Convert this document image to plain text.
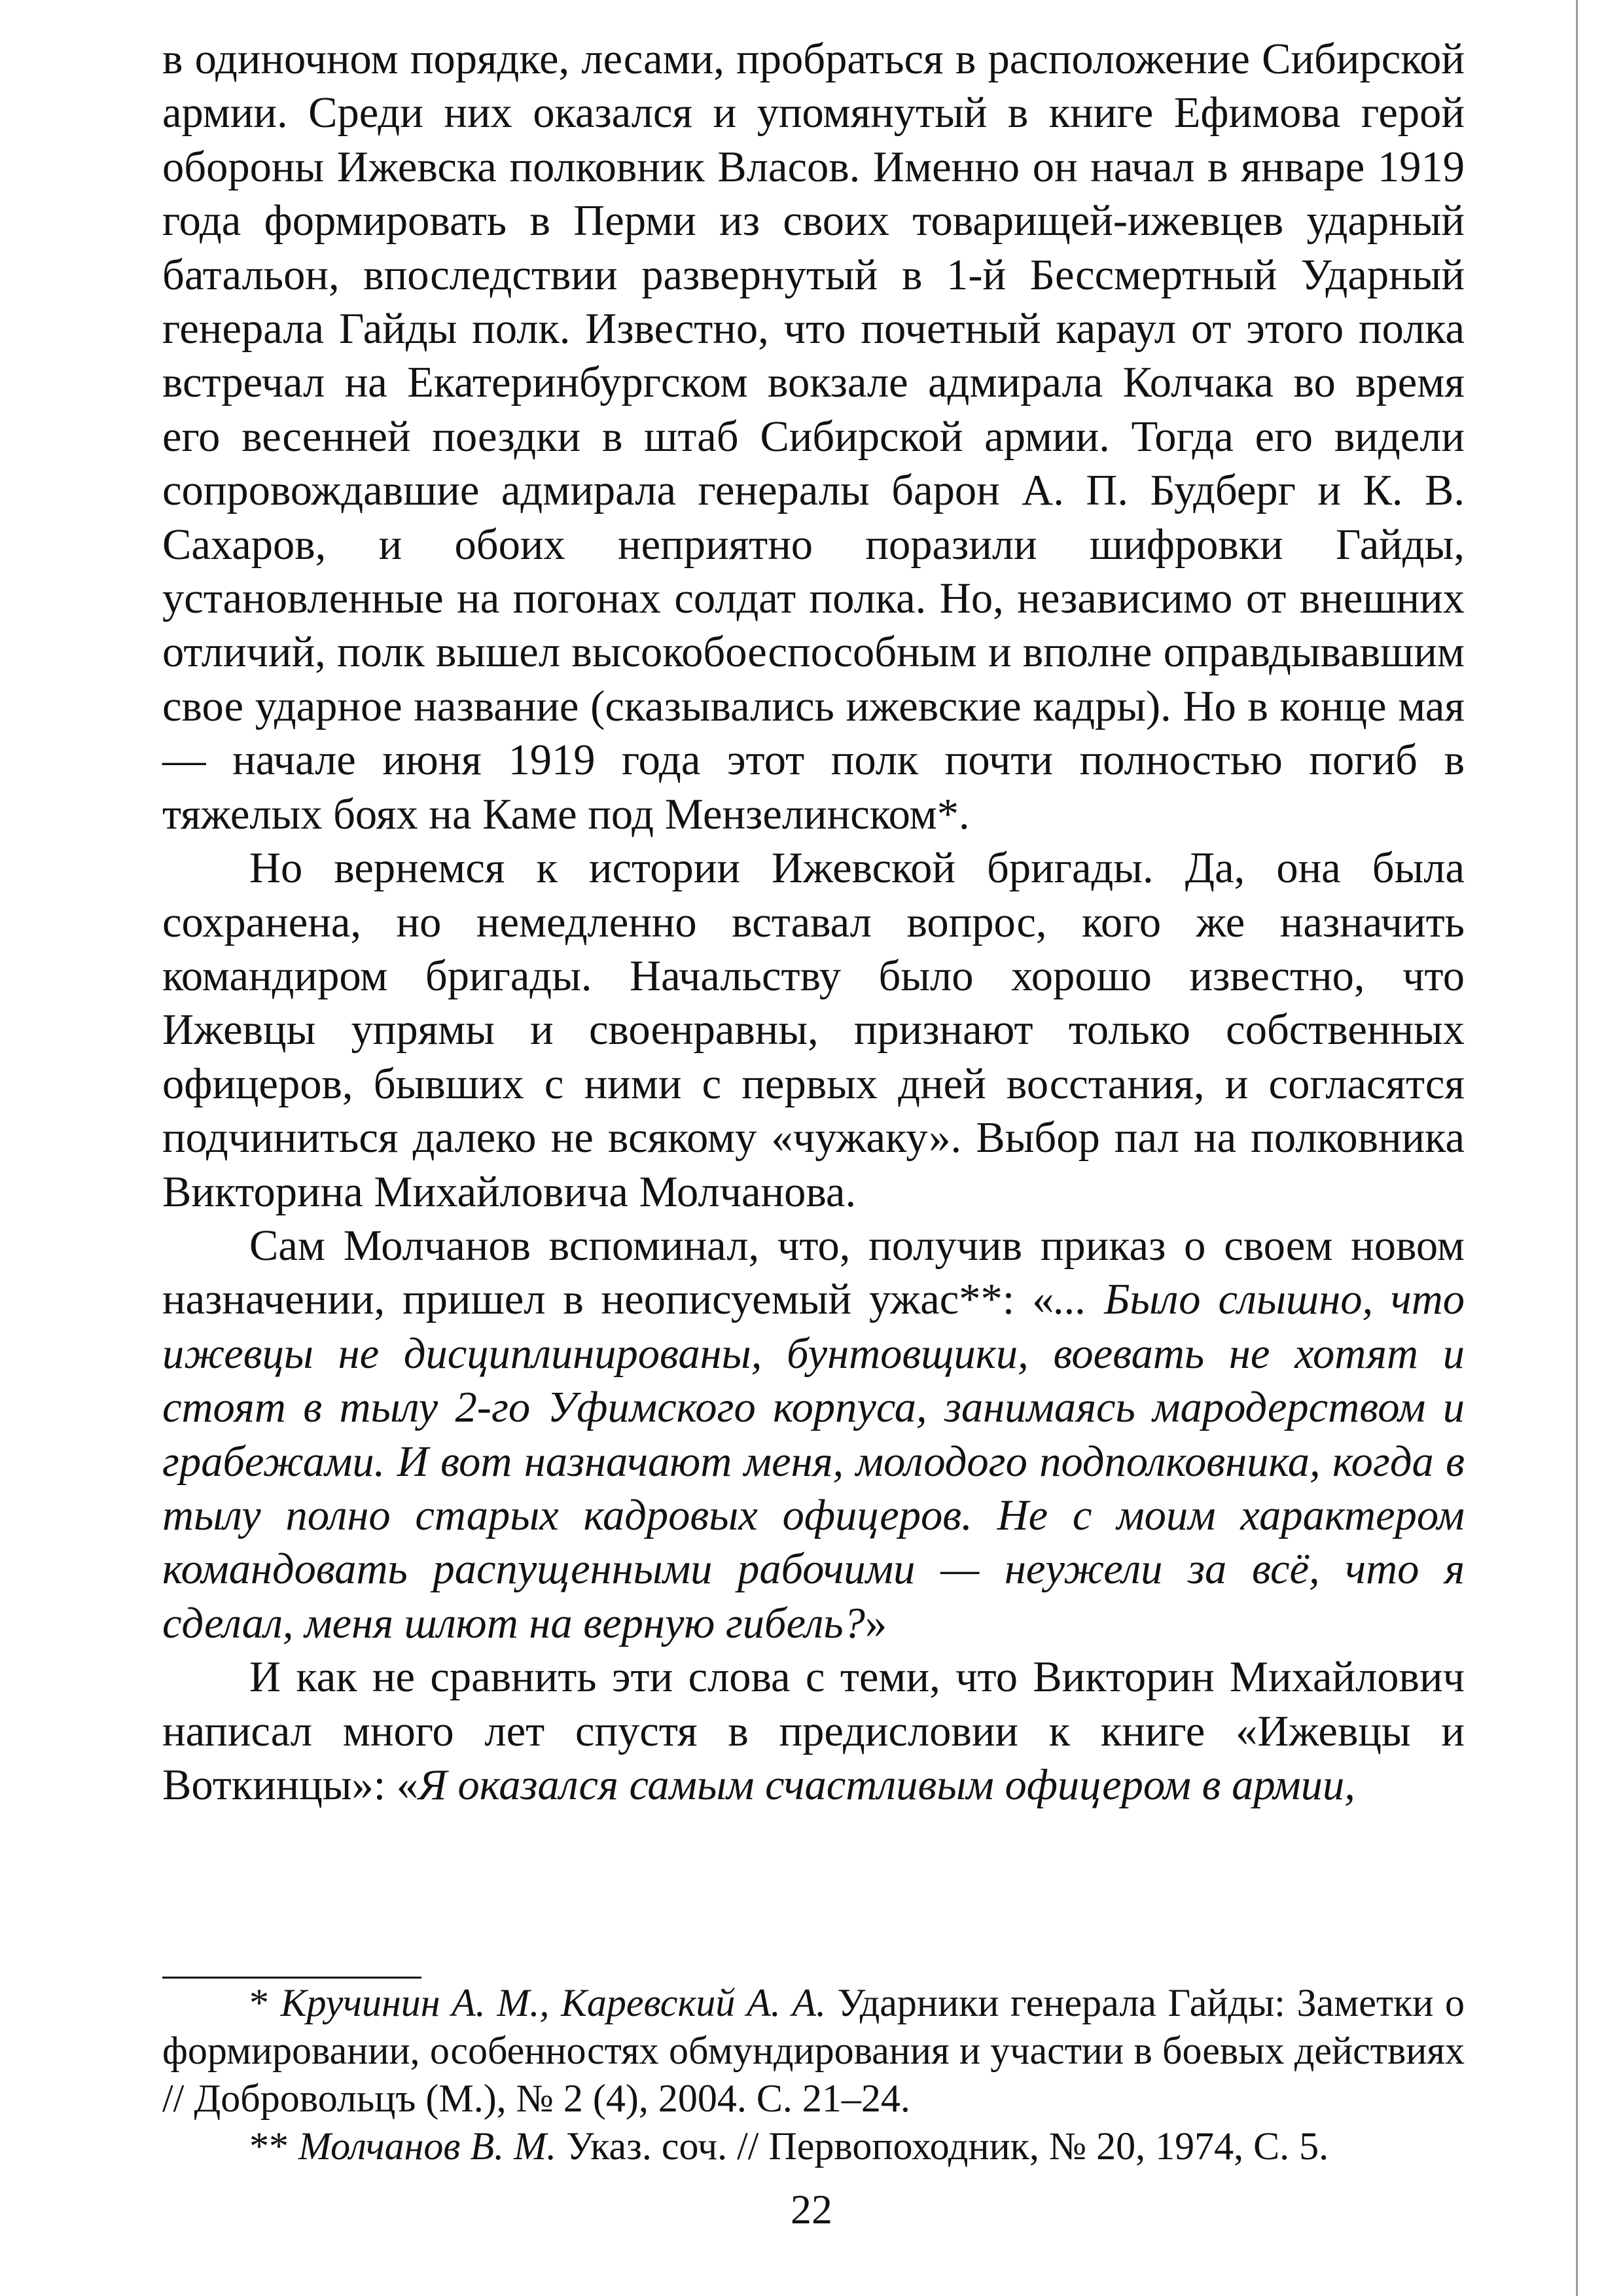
в одиночном порядке, лесами, пробраться в расположение Сибирской армии. Среди них оказался и упомянутый в книге Ефимова герой обороны Ижевска полковник Власов. Именно он начал в январе 1919 года формировать в Перми из своих товарищей-ижевцев ударный батальон, впоследствии развернутый в 1-й Бессмертный Ударный генерала Гайды полк. Известно, что почетный караул от этого полка встречал на Екатеринбургском вокзале адмирала Колчака во время его весенней поездки в штаб Сибирской армии. Тогда его видели сопровождавшие адмирала генералы барон А. П. Будберг и К. В. Сахаров, и обоих неприятно поразили шифровки Гайды, установленные на погонах солдат полка. Но, независимо от внешних отличий, полк вышел высокобоеспособным и вполне оправдывавшим свое ударное название (сказывались ижевские кадры). Но в конце мая — начале июня 1919 года этот полк почти полностью погиб в тяжелых боях на Каме под Мензелинском*.

Но вернемся к истории Ижевской бригады. Да, она была сохранена, но немедленно вставал вопрос, кого же назначить командиром бригады. Начальству было хорошо известно, что Ижевцы упрямы и своенравны, признают только собственных офицеров, бывших с ними с первых дней восстания, и согласятся подчиниться далеко не всякому «чужаку». Выбор пал на полковника Викторина Михайловича Молчанова.

Сам Молчанов вспоминал, что, получив приказ о своем новом назначении, пришел в неописуемый ужас**: «... Было слышно, что ижевцы не дисциплинированы, бунтовщики, воевать не хотят и стоят в тылу 2-го Уфимского корпуса, занимаясь мародерством и грабежами. И вот назначают меня, молодого подполковника, когда в тылу полно старых кадровых офицеров. Не с моим характером командовать распущенными рабочими — неужели за всё, что я сделал, меня шлют на верную гибель?»

И как не сравнить эти слова с теми, что Викторин Михайлович написал много лет спустя в предисловии к книге «Ижевцы и Воткинцы»: «Я оказался самым счастливым офицером в армии,

* Кручинин А. М., Каревский А. А. Ударники генерала Гайды: Заметки о формировании, особенностях обмундирования и участии в боевых действиях // Добровольцъ (М.), № 2 (4), 2004. С. 21–24.

** Молчанов В. М. Указ. соч. // Первопоходник, № 20, 1974, С. 5.

22
